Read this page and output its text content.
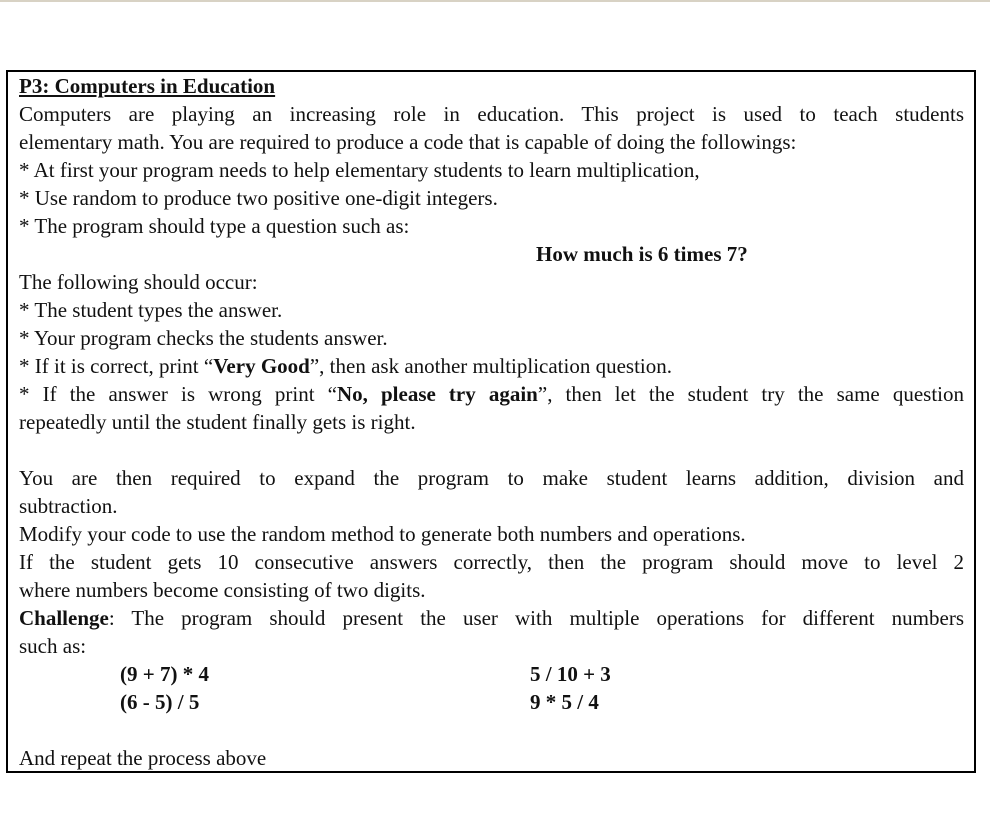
P3: Computers in Education
Computers are playing an increasing role in education. This project is used to teach students
elementary math. You are required to produce a code that is capable of doing the followings:
* At first your program needs to help elementary students to learn multiplication,
* Use random to produce two positive one-digit integers.
* The program should type a question such as:
How much is 6 times 7?
The following should occur:
* The student types the answer.
* Your program checks the students answer.
* If it is correct, print “Very Good”, then ask another multiplication question.
* If the answer is wrong print “No, please try again”, then let the student try the same question
repeatedly until the student finally gets is right.
You are then required to expand the program to make student learns addition, division and
subtraction.
Modify your code to use the random method to generate both numbers and operations.
If the student gets 10 consecutive answers correctly, then the program should move to level 2
where numbers become consisting of two digits.
Challenge: The program should present the user with multiple operations for different numbers
such as:
(9 + 7) * 4	5 / 10 + 3
(6 - 5) / 5	9 * 5 / 4
And repeat the process above
